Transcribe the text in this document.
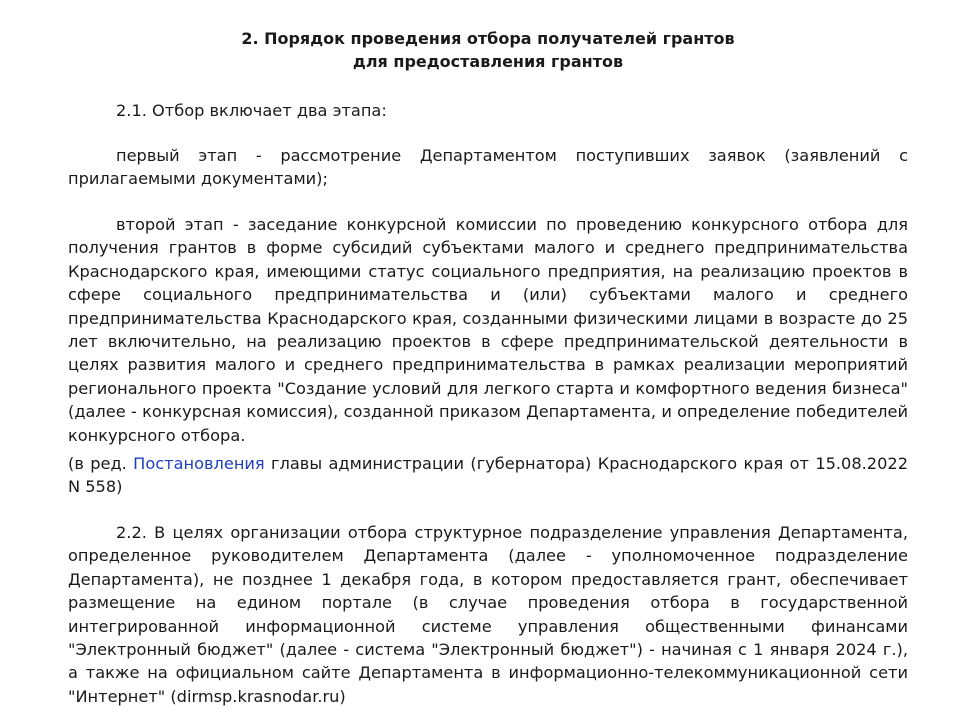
2. Порядок проведения отбора получателей грантов
для предоставления грантов

2.1. Отбор включает два этапа:

первый этап - рассмотрение Департаментом поступивших заявок (заявлений с прилагаемыми документами);

второй этап - заседание конкурсной комиссии по проведению конкурсного отбора для получения грантов в форме субсидий субъектами малого и среднего предпринимательства Краснодарского края, имеющими статус социального предприятия, на реализацию проектов в сфере социального предпринимательства и (или) субъектами малого и среднего предпринимательства Краснодарского края, созданными физическими лицами в возрасте до 25 лет включительно, на реализацию проектов в сфере предпринимательской деятельности в целях развития малого и среднего предпринимательства в рамках реализации мероприятий регионального проекта "Создание условий для легкого старта и комфортного ведения бизнеса" (далее - конкурсная комиссия), созданной приказом Департамента, и определение победителей конкурсного отбора.

(в ред. Постановления главы администрации (губернатора) Краснодарского края от 15.08.2022 N 558)

2.2. В целях организации отбора структурное подразделение управления Департамента, определенное руководителем Департамента (далее - уполномоченное подразделение Департамента), не позднее 1 декабря года, в котором предоставляется грант, обеспечивает размещение на едином портале (в случае проведения отбора в государственной интегрированной информационной системе управления общественными финансами "Электронный бюджет" (далее - система "Электронный бюджет") - начиная с 1 января 2024 г.), а также на официальном сайте Департамента в информационно-телекоммуникационной сети "Интернет" (dirmsp.krasnodar.ru)
